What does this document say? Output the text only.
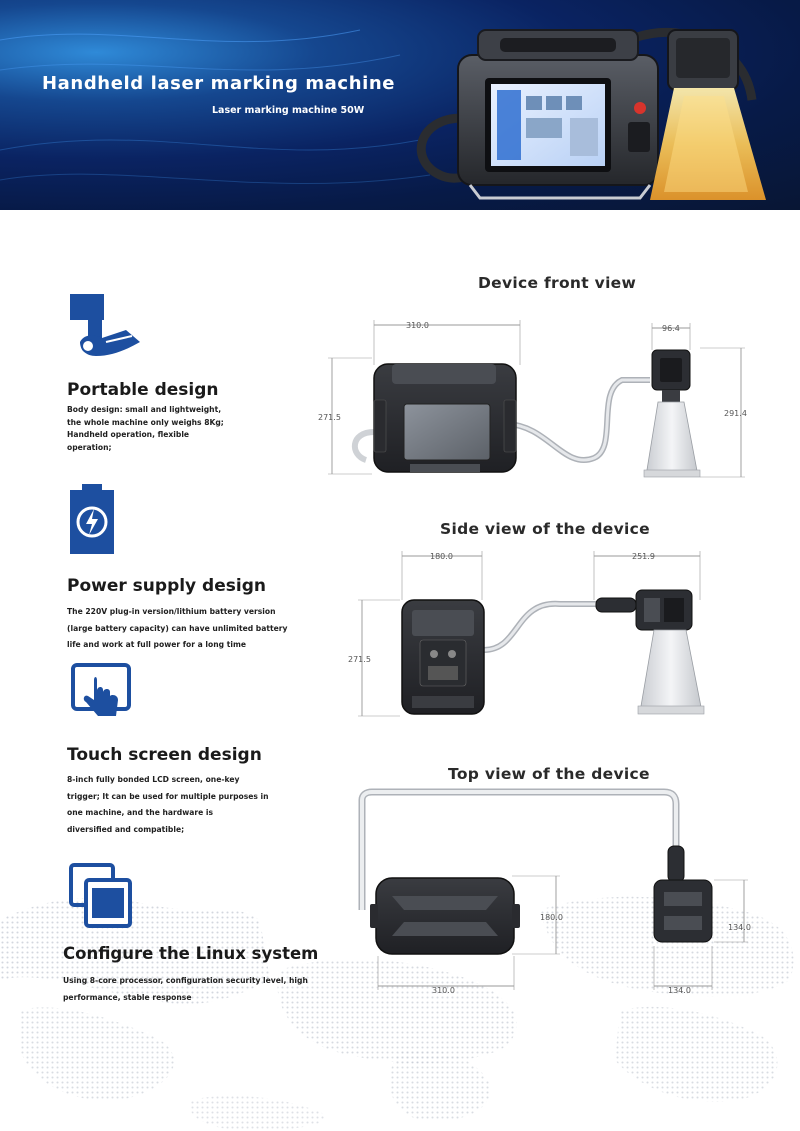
Handheld laser marking machine
Laser marking machine 50W
Portable design
Body design: small and lightweight,
the whole machine only weighs 8Kg;
Handheld operation, flexible
operation;
Power supply design
The 220V plug-in version/lithium battery version
(large battery capacity) can have unlimited battery
life and work at full power for a long time
Touch screen design
8-inch fully bonded LCD screen, one-key
trigger; It can be used for multiple purposes in
one machine, and the hardware is
diversified and compatible;
Configure the Linux system
Using 8-core processor, configuration security level, high
performance, stable response
Device front view
Side view of the device
Top view of the device
310.0
271.5
96.4
291.4
180.0	251.9
271.5
180.0
310.0
134.0
134.0
